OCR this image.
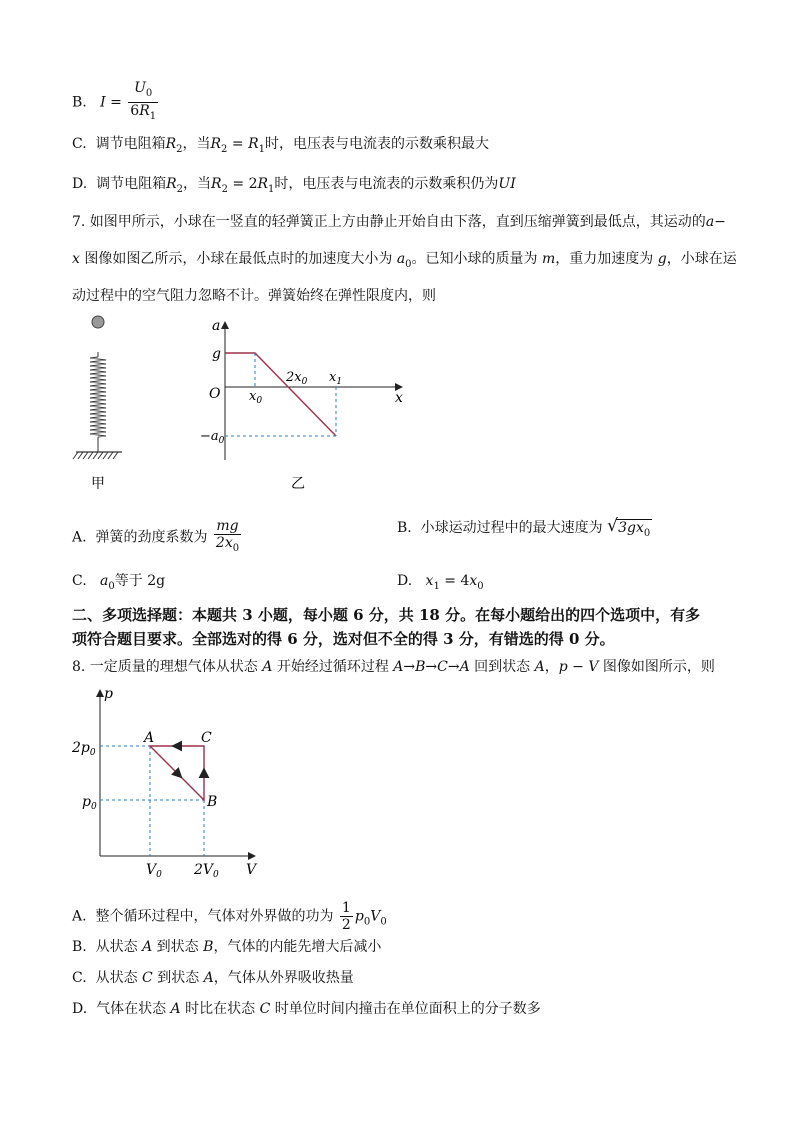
B. $I = \frac{U_0}{6R_1}$
C. 调节电阻箱$R_2$，当$R_2 = R_1$时，电压表与电流表的示数乘积最大
D. 调节电阻箱$R_2$，当$R_2 = 2R_1$时，电压表与电流表的示数乘积仍为UI
7. 如图甲所示，小球在一竖直的轻弹簧正上方由静止开始自由下落，直到压缩弹簧到最低点，其运动的a−
x 图像如图乙所示，小球在最低点时的加速度大小为 $a_0$。已知小球的质量为 m，重力加速度为 g，小球在运
动过程中的空气阻力忽略不计。弹簧始终在弹性限度内，则
甲
a
g
O	x
$x_0$
$2x_0$ $x_1$
$-a_0$
乙
A. 弹簧的劲度系数为 $\frac{mg}{2x_0}$	B. 小球运动过程中的最大速度为 √ $3gx_0$
C. $a_0$等于 2g	D. $x_1 = 4x_0$
二、多项选择题：本题共 3 小题，每小题 6 分，共 18 分。在每小题给出的四个选项中，有多
项符合题目要求。全部选对的得 6 分，选对但不全的得 3 分，有错选的得 0 分。
8. 一定质量的理想气体从状态 A 开始经过循环过程 A→B→C→A 回到状态 A，p − V 图像如图所示，则
p
V
A	C
B
$2p_0$
$p_0$
$V_0$ $2V_0$
A. 整个循环过程中，气体对外界做的功为 $\frac{1}{2} p_0V_0$
B. 从状态 A 到状态 B，气体的内能先增大后减小
C. 从状态 C 到状态 A，气体从外界吸收热量
D. 气体在状态 A 时比在状态 C 时单位时间内撞击在单位面积上的分子数多
